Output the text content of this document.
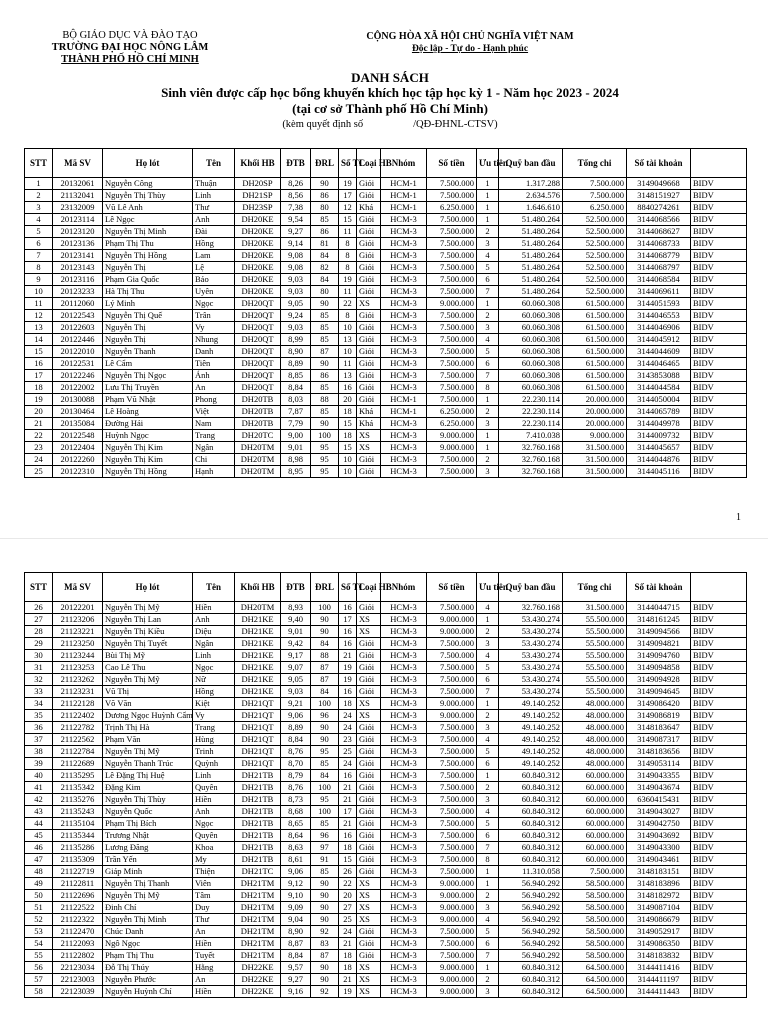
BỘ GIÁO DỤC VÀ ĐÀO TẠO
TRƯỜNG ĐẠI HỌC NÔNG LÂM
THÀNH PHỐ HỒ CHÍ MINH
CỘNG HÒA XÃ HỘI CHỦ NGHĨA VIỆT NAM
Độc lập - Tự do - Hạnh phúc
DANH SÁCH
Sinh viên được cấp học bổng khuyến khích học tập học kỳ 1 - Năm học 2023 - 2024
(tại cơ sở Thành phố Hồ Chí Minh)
(kèm quyết định số	/QĐ-ĐHNL-CTSV)
STT	Mã SV	Họ lót	Tên	Khối HB	ĐTB	ĐRL	Số TC	Loại HB	Nhóm	Số tiền	Ưu tiên	Quỹ ban đầu	Tổng chi	Số tài khoản	
1	20132061	Nguyễn Công	Thuận	DH20SP	8,26	90	19	Giỏi	HCM-1	7.500.000	1	1.317.288	7.500.000	3149049668	BIDV
2	21132041	Nguyễn Thị Thùy	Linh	DH21SP	8,56	86	17	Giỏi	HCM-1	7.500.000	1	2.634.576	7.500.000	3148151927	BIDV
3	23132009	Vũ Lê Anh	Thư	DH23SP	7,38	80	12	Khá	HCM-1	6.250.000	1	1.646.610	6.250.000	8840274261	BIDV
4	20123114	Lê Ngọc	Anh	DH20KE	9,54	85	15	Giỏi	HCM-3	7.500.000	1	51.480.264	52.500.000	3144068566	BIDV
5	20123120	Nguyễn Thị Minh	Đài	DH20KE	9,27	86	11	Giỏi	HCM-3	7.500.000	2	51.480.264	52.500.000	3144068627	BIDV
6	20123136	Phạm Thị Thu	Hồng	DH20KE	9,14	81	8	Giỏi	HCM-3	7.500.000	3	51.480.264	52.500.000	3144068733	BIDV
7	20123141	Nguyễn Thị Hồng	Lam	DH20KE	9,08	84	8	Giỏi	HCM-3	7.500.000	4	51.480.264	52.500.000	3144068779	BIDV
8	20123143	Nguyễn Thị	Lệ	DH20KE	9,08	82	8	Giỏi	HCM-3	7.500.000	5	51.480.264	52.500.000	3144068797	BIDV
9	20123116	Phạm Gia Quốc	Bảo	DH20KE	9,03	84	19	Giỏi	HCM-3	7.500.000	6	51.480.264	52.500.000	3144068584	BIDV
10	20123233	Hà Thị Thu	Uyên	DH20KE	9,03	80	11	Giỏi	HCM-3	7.500.000	7	51.480.264	52.500.000	3144069611	BIDV
11	20112060	Lý Minh	Ngọc	DH20QT	9,05	90	22	XS	HCM-3	9.000.000	1	60.060.308	61.500.000	3144051593	BIDV
12	20122543	Nguyễn Thị Quế	Trân	DH20QT	9,24	85	8	Giỏi	HCM-3	7.500.000	2	60.060.308	61.500.000	3144046553	BIDV
13	20122603	Nguyễn Thị	Vy	DH20QT	9,03	85	10	Giỏi	HCM-3	7.500.000	3	60.060.308	61.500.000	3144046906	BIDV
14	20122446	Nguyễn Thị	Nhung	DH20QT	8,99	85	13	Giỏi	HCM-3	7.500.000	4	60.060.308	61.500.000	3144045912	BIDV
15	20122010	Nguyễn Thanh	Danh	DH20QT	8,90	87	10	Giỏi	HCM-3	7.500.000	5	60.060.308	61.500.000	3144044609	BIDV
16	20122531	Lê Cẩm	Tiên	DH20QT	8,89	90	11	Giỏi	HCM-3	7.500.000	6	60.060.308	61.500.000	3144046465	BIDV
17	20122246	Nguyễn Thị Ngọc	Ánh	DH20QT	8,85	86	13	Giỏi	HCM-3	7.500.000	7	60.060.308	61.500.000	3143853088	BIDV
18	20122002	Lưu Thị Truyền	An	DH20QT	8,84	85	16	Giỏi	HCM-3	7.500.000	8	60.060.308	61.500.000	3144044584	BIDV
19	20130088	Phạm Vũ Nhật	Phong	DH20TB	8,03	88	20	Giỏi	HCM-1	7.500.000	1	22.230.114	20.000.000	3144050004	BIDV
20	20130464	Lê Hoàng	Việt	DH20TB	7,87	85	18	Khá	HCM-1	6.250.000	2	22.230.114	20.000.000	3144065789	BIDV
21	20135084	Đường Hải	Nam	DH20TB	7,79	90	15	Khá	HCM-3	6.250.000	3	22.230.114	20.000.000	3144049978	BIDV
22	20122548	Huỳnh Ngọc	Trang	DH20TC	9,00	100	18	XS	HCM-3	9.000.000	1	7.410.038	9.000.000	3144009732	BIDV
23	20122404	Nguyễn Thị Kim	Ngân	DH20TM	9,01	95	15	XS	HCM-3	9.000.000	1	32.760.168	31.500.000	3144045657	BIDV
24	20122260	Nguyễn Thị Kim	Chi	DH20TM	8,98	95	10	Giỏi	HCM-3	7.500.000	2	32.760.168	31.500.000	3144044876	BIDV
25	20122310	Nguyễn Thị Hồng	Hạnh	DH20TM	8,95	95	10	Giỏi	HCM-3	7.500.000	3	32.760.168	31.500.000	3144045116	BIDV
1
STT	Mã SV	Họ lót	Tên	Khối HB	ĐTB	ĐRL	Số TC	Loại HB	Nhóm	Số tiền	Ưu tiên	Quỹ ban đầu	Tổng chi	Số tài khoản	
26	20122201	Nguyễn Thị Mỹ	Hiền	DH20TM	8,93	100	16	Giỏi	HCM-3	7.500.000	4	32.760.168	31.500.000	3144044715	BIDV
27	21123206	Nguyễn Thị Lan	Anh	DH21KE	9,40	90	17	XS	HCM-3	9.000.000	1	53.430.274	55.500.000	3148161245	BIDV
28	21123221	Nguyễn Thị Kiều	Diệu	DH21KE	9,01	90	16	XS	HCM-3	9.000.000	2	53.430.274	55.500.000	3149094566	BIDV
29	21123250	Nguyễn Thị Tuyết	Ngân	DH21KE	9,42	84	16	Giỏi	HCM-3	7.500.000	3	53.430.274	55.500.000	3149094821	BIDV
30	21123244	Bùi Thị Mỹ	Linh	DH21KE	9,17	88	21	Giỏi	HCM-3	7.500.000	4	53.430.274	55.500.000	3149094760	BIDV
31	21123253	Cao Lê Thu	Ngọc	DH21KE	9,07	87	19	Giỏi	HCM-3	7.500.000	5	53.430.274	55.500.000	3149094858	BIDV
32	21123262	Nguyễn Thị Mỹ	Nữ	DH21KE	9,05	87	19	Giỏi	HCM-3	7.500.000	6	53.430.274	55.500.000	3149094928	BIDV
33	21123231	Vũ Thị	Hồng	DH21KE	9,03	84	16	Giỏi	HCM-3	7.500.000	7	53.430.274	55.500.000	3149094645	BIDV
34	21122128	Võ Văn	Kiệt	DH21QT	9,21	100	18	XS	HCM-3	9.000.000	1	49.140.252	48.000.000	3149086420	BIDV
35	21122402	Dương Ngọc Huỳnh Cẩm	Vy	DH21QT	9,06	96	24	XS	HCM-3	9.000.000	2	49.140.252	48.000.000	3149086819	BIDV
36	21122782	Trịnh Thị Hà	Trang	DH21QT	8,89	90	24	Giỏi	HCM-3	7.500.000	3	49.140.252	48.000.000	3148183647	BIDV
37	21122562	Phạm Văn	Hùng	DH21QT	8,84	90	23	Giỏi	HCM-3	7.500.000	4	49.140.252	48.000.000	3149087317	BIDV
38	21122784	Nguyễn Thị Mỹ	Trinh	DH21QT	8,76	95	25	Giỏi	HCM-3	7.500.000	5	49.140.252	48.000.000	3148183656	BIDV
39	21122689	Nguyễn Thanh Trúc	Quỳnh	DH21QT	8,70	85	24	Giỏi	HCM-3	7.500.000	6	49.140.252	48.000.000	3149053114	BIDV
40	21135295	Lê Đặng Thị Huệ	Linh	DH21TB	8,79	84	16	Giỏi	HCM-3	7.500.000	1	60.840.312	60.000.000	3149043355	BIDV
41	21135342	Đặng Kim	Quyên	DH21TB	8,76	100	21	Giỏi	HCM-3	7.500.000	2	60.840.312	60.000.000	3149043674	BIDV
42	21135276	Nguyễn Thị Thùy	Hiền	DH21TB	8,73	95	21	Giỏi	HCM-3	7.500.000	3	60.840.312	60.000.000	6360415431	BIDV
43	21135243	Nguyễn Quốc	Anh	DH21TB	8,68	100	17	Giỏi	HCM-3	7.500.000	4	60.840.312	60.000.000	3149043027	BIDV
44	21135104	Phạm Thị Bích	Ngọc	DH21TB	8,65	85	21	Giỏi	HCM-3	7.500.000	5	60.840.312	60.000.000	3149042750	BIDV
45	21135344	Trương Nhật	Quyên	DH21TB	8,64	96	16	Giỏi	HCM-3	7.500.000	6	60.840.312	60.000.000	3149043692	BIDV
46	21135286	Lương Đăng	Khoa	DH21TB	8,63	97	18	Giỏi	HCM-3	7.500.000	7	60.840.312	60.000.000	3149043300	BIDV
47	21135309	Trần Yến	My	DH21TB	8,61	91	15	Giỏi	HCM-3	7.500.000	8	60.840.312	60.000.000	3149043461	BIDV
48	21122719	Giáp Minh	Thiện	DH21TC	9,06	85	26	Giỏi	HCM-3	7.500.000	1	11.310.058	7.500.000	3148183151	BIDV
49	21122811	Nguyễn Thị Thanh	Viên	DH21TM	9,12	90	22	XS	HCM-3	9.000.000	1	56.940.292	58.500.000	3148183896	BIDV
50	21122696	Nguyễn Thị Mỹ	Tâm	DH21TM	9,10	90	20	XS	HCM-3	9.000.000	2	56.940.292	58.500.000	3148182972	BIDV
51	21122522	Đinh Chí	Duy	DH21TM	9,09	90	27	XS	HCM-3	9.000.000	3	56.940.292	58.500.000	3149087104	BIDV
52	21122322	Nguyễn Thị Minh	Thư	DH21TM	9,04	90	25	XS	HCM-3	9.000.000	4	56.940.292	58.500.000	3149086679	BIDV
53	21122470	Chúc Danh	An	DH21TM	8,90	92	24	Giỏi	HCM-3	7.500.000	5	56.940.292	58.500.000	3149052917	BIDV
54	21122093	Ngô Ngọc	Hiền	DH21TM	8,87	83	21	Giỏi	HCM-3	7.500.000	6	56.940.292	58.500.000	3149086350	BIDV
55	21122802	Phạm Thị Thu	Tuyết	DH21TM	8,84	87	18	Giỏi	HCM-3	7.500.000	7	56.940.292	58.500.000	3148183832	BIDV
56	22123034	Đỗ Thị Thúy	Hằng	DH22KE	9,57	90	18	XS	HCM-3	9.000.000	1	60.840.312	64.500.000	3144411416	BIDV
57	22123003	Nguyễn Phước	An	DH22KE	9,27	90	21	XS	HCM-3	9.000.000	2	60.840.312	64.500.000	3144411197	BIDV
58	22123039	Nguyễn Huỳnh Chí	Hiền	DH22KE	9,16	92	19	XS	HCM-3	9.000.000	3	60.840.312	64.500.000	3144411443	BIDV
